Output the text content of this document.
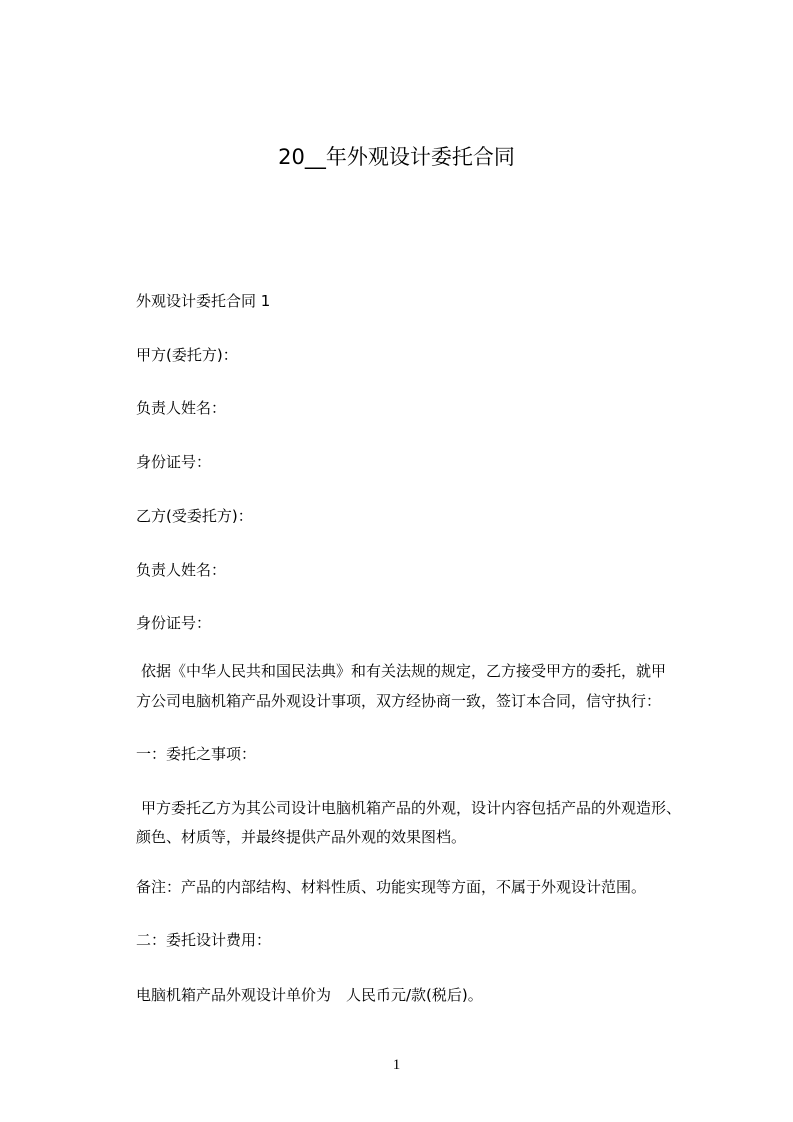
20__年外观设计委托合同
外观设计委托合同 1
甲方(委托方)：
负责人姓名：
身份证号：
乙方(受委托方)：
负责人姓名：
身份证号：
依据《中华人民共和国民法典》和有关法规的规定，乙方接受甲方的委托，就甲
方公司电脑机箱产品外观设计事项，双方经协商一致，签订本合同，信守执行：
一：委托之事项：
甲方委托乙方为其公司设计电脑机箱产品的外观，设计内容包括产品的外观造形、
颜色、材质等，并最终提供产品外观的效果图档。
备注：产品的内部结构、材料性质、功能实现等方面，不属于外观设计范围。
二：委托设计费用：
电脑机箱产品外观设计单价为　人民币元/款(税后)。
1
